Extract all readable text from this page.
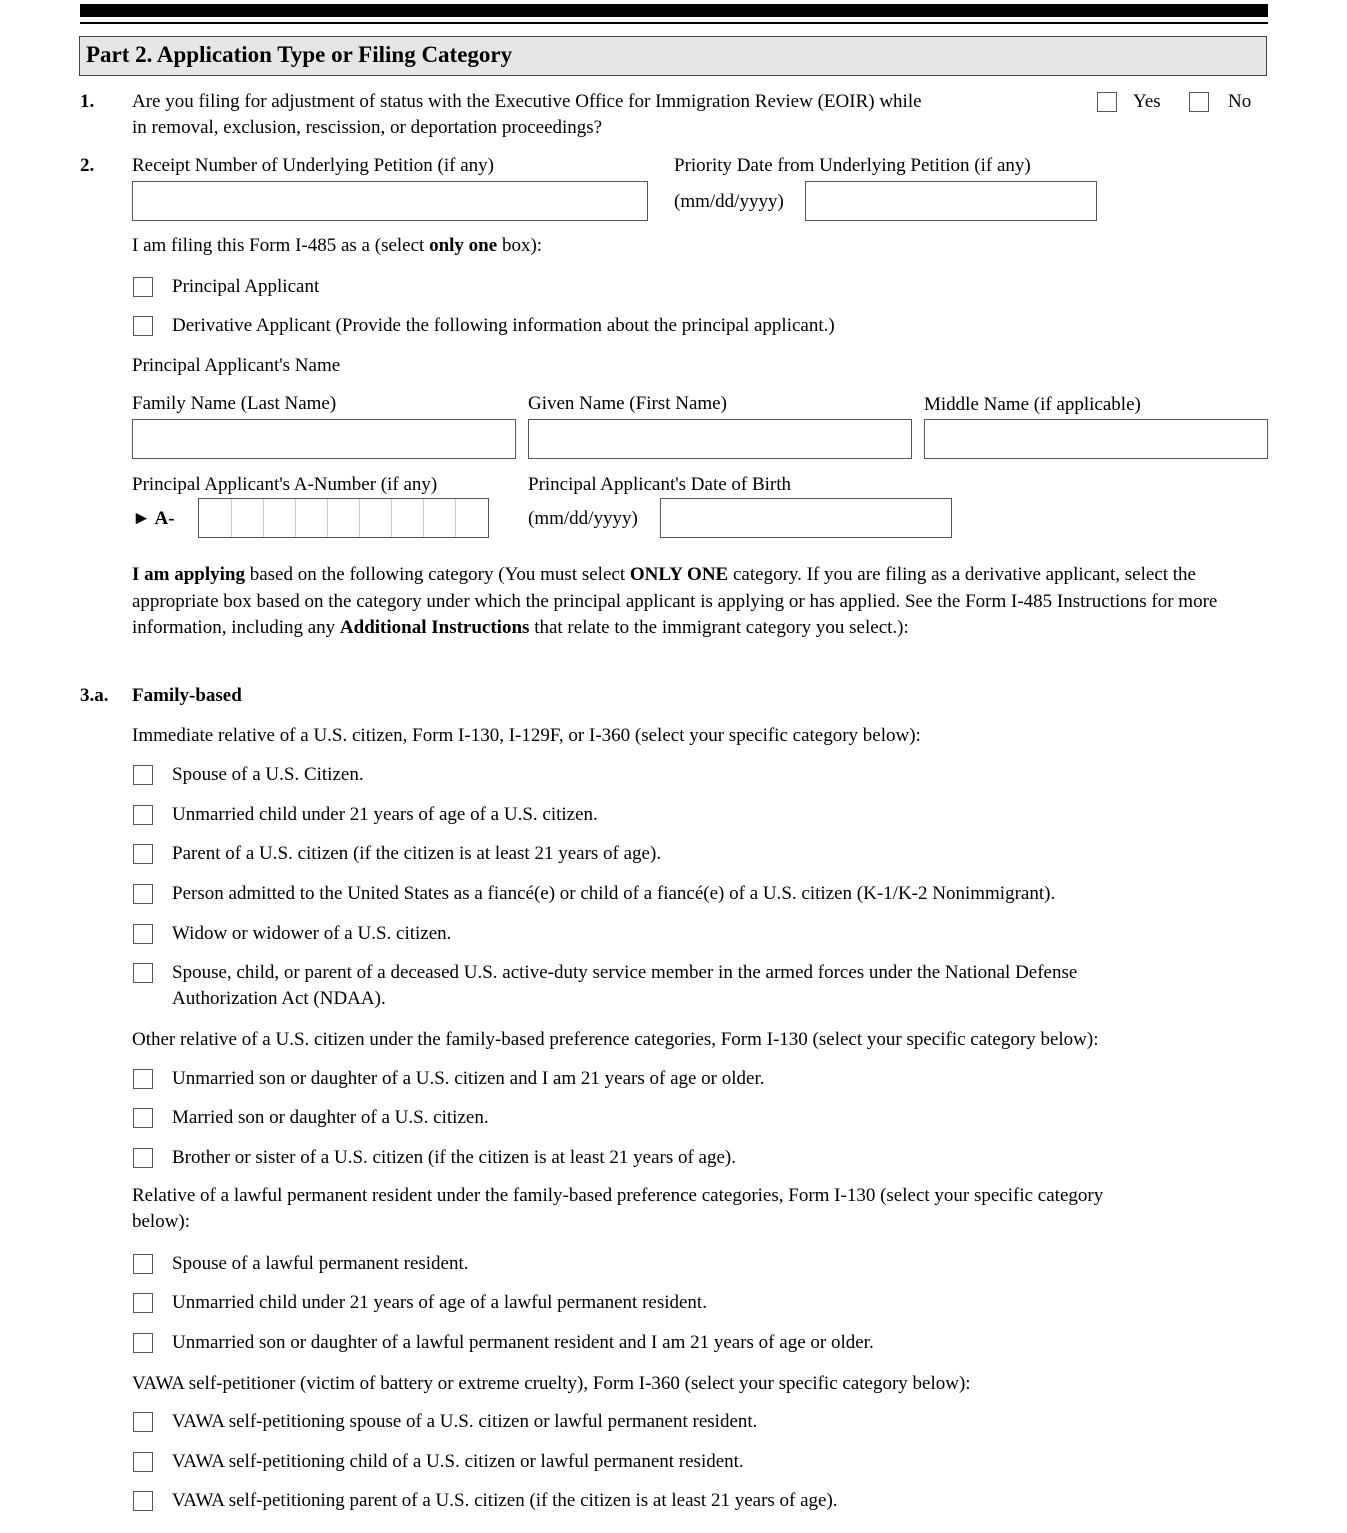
Part 2. Application Type or Filing Category
1. Are you filing for adjustment of status with the Executive Office for Immigration Review (EOIR) while
in removal, exclusion, rescission, or deportation proceedings?
Yes	No
2. Receipt Number of Underlying Petition (if any)	Priority Date from Underlying Petition (if any)
(mm/dd/yyyy)
I am filing this Form I-485 as a (select only one box):
Principal Applicant
Derivative Applicant (Provide the following information about the principal applicant.)
Principal Applicant's Name
Family Name (Last Name)	Given Name (First Name)	Middle Name (if applicable)
Principal Applicant's A-Number (if any)
► A-
Principal Applicant's Date of Birth
(mm/dd/yyyy)
I am applying based on the following category (You must select ONLY ONE category. If you are filing as a derivative applicant, select the appropriate box based on the category under which the principal applicant is applying or has applied. See the Form I-485 Instructions for more information, including any Additional Instructions that relate to the immigrant category you select.):
3.a. Family-based
Immediate relative of a U.S. citizen, Form I-130, I-129F, or I-360 (select your specific category below):
Spouse of a U.S. Citizen.
Unmarried child under 21 years of age of a U.S. citizen.
Parent of a U.S. citizen (if the citizen is at least 21 years of age).
Person admitted to the United States as a fiancé(e) or child of a fiancé(e) of a U.S. citizen (K-1/K-2 Nonimmigrant).
Widow or widower of a U.S. citizen.
Spouse, child, or parent of a deceased U.S. active-duty service member in the armed forces under the National Defense
Authorization Act (NDAA).
Other relative of a U.S. citizen under the family-based preference categories, Form I-130 (select your specific category below):
Unmarried son or daughter of a U.S. citizen and I am 21 years of age or older.
Married son or daughter of a U.S. citizen.
Brother or sister of a U.S. citizen (if the citizen is at least 21 years of age).
Relative of a lawful permanent resident under the family-based preference categories, Form I-130 (select your specific category
below):
Spouse of a lawful permanent resident.
Unmarried child under 21 years of age of a lawful permanent resident.
Unmarried son or daughter of a lawful permanent resident and I am 21 years of age or older.
VAWA self-petitioner (victim of battery or extreme cruelty), Form I-360 (select your specific category below):
VAWA self-petitioning spouse of a U.S. citizen or lawful permanent resident.
VAWA self-petitioning child of a U.S. citizen or lawful permanent resident.
VAWA self-petitioning parent of a U.S. citizen (if the citizen is at least 21 years of age).
